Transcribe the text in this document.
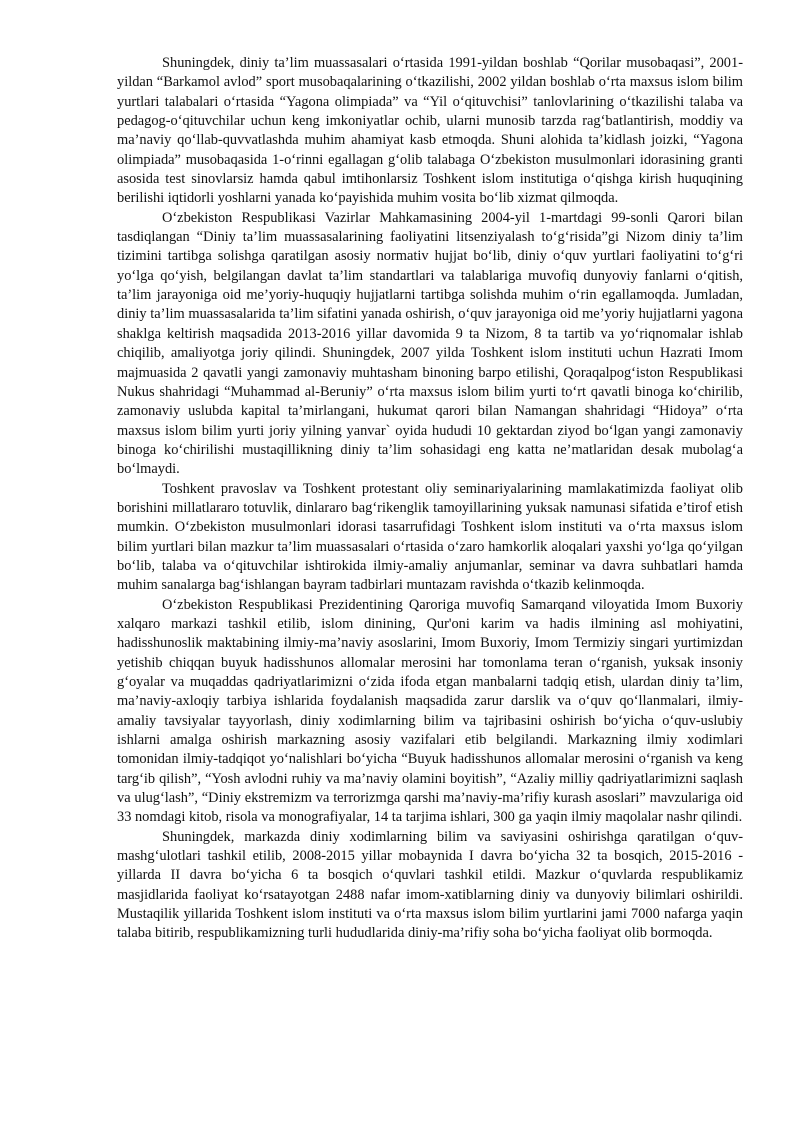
Shuningdek, diniy ta’lim muassasalari o‘rtasida 1991-yildan boshlab “Qorilar musobaqasi”, 2001-yildan “Barkamol avlod” sport musobaqalarining o‘tkazilishi, 2002 yildan boshlab o‘rta maxsus islom bilim yurtlari talabalari o‘rtasida “Yagona olimpiada” va “Yil o‘qituvchisi” tanlovlarining o‘tkazilishi talaba va pedagog-o‘qituvchilar uchun keng imkoniyatlar ochib, ularni munosib tarzda rag‘batlantirish, moddiy va ma’naviy qo‘llab-quvvatlashda muhim ahamiyat kasb etmoqda. Shuni alohida ta’kidlash joizki, “Yagona olimpiada” musobaqasida 1-o‘rinni egallagan g‘olib talabaga O‘zbekiston musulmonlari idorasining granti asosida test sinovlarsiz hamda qabul imtihonlarsiz Toshkent islom institutiga o‘qishga kirish huquqining berilishi iqtidorli yoshlarni yanada ko‘payishida muhim vosita bo‘lib xizmat qilmoqda.

O‘zbekiston Respublikasi Vazirlar Mahkamasining 2004-yil 1-martdagi 99-sonli Qarori bilan tasdiqlangan “Diniy ta’lim muassasalarining faoliyatini litsenziyalash to‘g‘risida”gi Nizom diniy ta’lim tizimini tartibga solishga qaratilgan asosiy normativ hujjat bo‘lib, diniy o‘quv yurtlari faoliyatini to‘g‘ri yo‘lga qo‘yish, belgilangan davlat ta’lim standartlari va talablariga muvofiq dunyoviy fanlarni o‘qitish, ta’lim jarayoniga oid me’yoriy-huquqiy hujjatlarni tartibga solishda muhim o‘rin egallamoqda. Jumladan, diniy ta’lim muassasalarida ta’lim sifatini yanada oshirish, o‘quv jarayoniga oid me’yoriy hujjatlarni yagona shaklga keltirish maqsadida 2013-2016 yillar davomida 9 ta Nizom, 8 ta tartib va yo‘riqnomalar ishlab chiqilib, amaliyotga joriy qilindi. Shuningdek, 2007 yilda Toshkent islom instituti uchun Hazrati Imom majmuasida 2 qavatli yangi zamonaviy muhtasham binoning barpo etilishi, Qoraqalpog‘iston Respublikasi Nukus shahridagi “Muhammad al-Beruniy” o‘rta maxsus islom bilim yurti to‘rt qavatli binoga ko‘chirilib, zamonaviy uslubda kapital ta’mirlangani, hukumat qarori bilan Namangan shahridagi “Hidoya” o‘rta maxsus islom bilim yurti joriy yilning yanvar` oyida hududi 10 gektardan ziyod bo‘lgan yangi zamonaviy binoga ko‘chirilishi mustaqillikning diniy ta’lim sohasidagi eng katta ne’matlaridan desak mubolag‘a bo‘lmaydi.

Toshkent pravoslav va Toshkent protestant oliy seminariyalarining mamlakatimizda faoliyat olib borishini millatlararo totuvlik, dinlararo bag‘rikenglik tamoyillarining yuksak namunasi sifatida e’tirof etish mumkin. O‘zbekiston musulmonlari idorasi tasarrufidagi Toshkent islom instituti va o‘rta maxsus islom bilim yurtlari bilan mazkur ta’lim muassasalari o‘rtasida o‘zaro hamkorlik aloqalari yaxshi yo‘lga qo‘yilgan bo‘lib, talaba va o‘qituvchilar ishtirokida ilmiy-amaliy anjumanlar, seminar va davra suhbatlari hamda muhim sanalarga bag‘ishlangan bayram tadbirlari muntazam ravishda o‘tkazib kelinmoqda.

O‘zbekiston Respublikasi Prezidentining Qaroriga muvofiq Samarqand viloyatida Imom Buxoriy xalqaro markazi tashkil etilib, islom dinining, Qur'oni karim va hadis ilmining asl mohiyatini, hadisshunoslik maktabining ilmiy-ma’naviy asoslarini, Imom Buxoriy, Imom Termiziy singari yurtimizdan yetishib chiqqan buyuk hadisshunos allomalar merosini har tomonlama teran o‘rganish, yuksak insoniy g‘oyalar va muqaddas qadriyatlarimizni o‘zida ifoda etgan manbalarni tadqiq etish, ulardan diniy ta’lim, ma’naviy-axloqiy tarbiya ishlarida foydalanish maqsadida zarur darslik va o‘quv qo‘llanmalari, ilmiy-amaliy tavsiyalar tayyorlash, diniy xodimlarning bilim va tajribasini oshirish bo‘yicha o‘quv-uslubiy ishlarni amalga oshirish markazning asosiy vazifalari etib belgilandi. Markazning ilmiy xodimlari tomonidan ilmiy-tadqiqot yo‘nalishlari bo‘yicha “Buyuk hadisshunos allomalar merosini o‘rganish va keng targ‘ib qilish”, “Yosh avlodni ruhiy va ma’naviy olamini boyitish”, “Azaliy milliy qadriyatlarimizni saqlash va ulug‘lash”, “Diniy ekstremizm va terrorizmga qarshi ma’naviy-ma’rifiy kurash asoslari” mavzulariga oid 33 nomdagi kitob, risola va monografiyalar, 14 ta tarjima ishlari, 300 ga yaqin ilmiy maqolalar nashr qilindi.

Shuningdek, markazda diniy xodimlarning bilim va saviyasini oshirishga qaratilgan o‘quv-mashg‘ulotlari tashkil etilib, 2008-2015 yillar mobaynida I davra bo‘yicha 32 ta bosqich, 2015-2016 - yillarda II davra bo‘yicha 6 ta bosqich o‘quvlari tashkil etildi. Mazkur o‘quvlarda respublikamiz masjidlarida faoliyat ko‘rsatayotgan 2488 nafar imom-xatiblarning diniy va dunyoviy bilimlari oshirildi. Mustaqilik yillarida Toshkent islom instituti va o‘rta maxsus islom bilim yurtlarini jami 7000 nafarga yaqin talaba bitirib, respublikamizning turli hududlarida diniy-ma’rifiy soha bo‘yicha faoliyat olib bormoqda.
